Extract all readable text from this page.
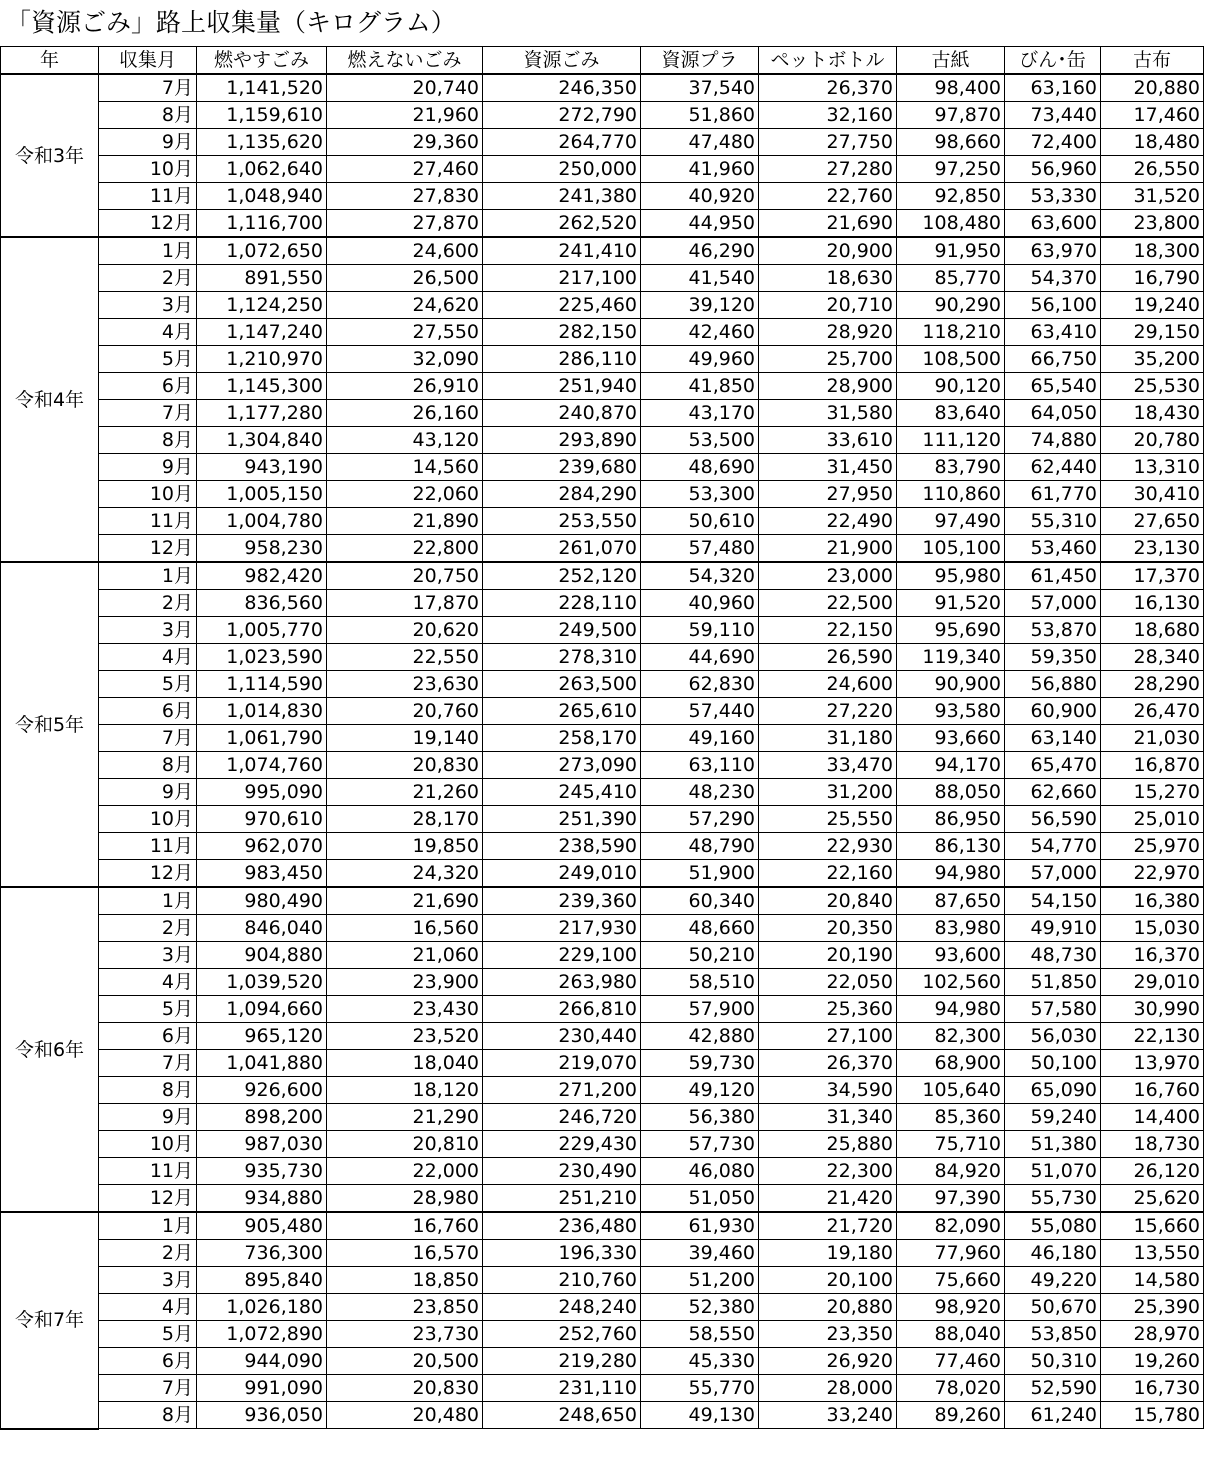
「資源ごみ」路上収集量（キログラム）
年	収集月	燃やすごみ	燃えないごみ	資源ごみ	資源プラ	ペットボトル	古紙	びん･缶	古布
令和3年	7月	1,141,520	20,740	246,350	37,540	26,370	98,400	63,160	20,880
	8月	1,159,610	21,960	272,790	51,860	32,160	97,870	73,440	17,460
	9月	1,135,620	29,360	264,770	47,480	27,750	98,660	72,400	18,480
	10月	1,062,640	27,460	250,000	41,960	27,280	97,250	56,960	26,550
	11月	1,048,940	27,830	241,380	40,920	22,760	92,850	53,330	31,520
	12月	1,116,700	27,870	262,520	44,950	21,690	108,480	63,600	23,800
令和4年	1月	1,072,650	24,600	241,410	46,290	20,900	91,950	63,970	18,300
	2月	891,550	26,500	217,100	41,540	18,630	85,770	54,370	16,790
	3月	1,124,250	24,620	225,460	39,120	20,710	90,290	56,100	19,240
	4月	1,147,240	27,550	282,150	42,460	28,920	118,210	63,410	29,150
	5月	1,210,970	32,090	286,110	49,960	25,700	108,500	66,750	35,200
	6月	1,145,300	26,910	251,940	41,850	28,900	90,120	65,540	25,530
	7月	1,177,280	26,160	240,870	43,170	31,580	83,640	64,050	18,430
	8月	1,304,840	43,120	293,890	53,500	33,610	111,120	74,880	20,780
	9月	943,190	14,560	239,680	48,690	31,450	83,790	62,440	13,310
	10月	1,005,150	22,060	284,290	53,300	27,950	110,860	61,770	30,410
	11月	1,004,780	21,890	253,550	50,610	22,490	97,490	55,310	27,650
	12月	958,230	22,800	261,070	57,480	21,900	105,100	53,460	23,130
令和5年	1月	982,420	20,750	252,120	54,320	23,000	95,980	61,450	17,370
	2月	836,560	17,870	228,110	40,960	22,500	91,520	57,000	16,130
	3月	1,005,770	20,620	249,500	59,110	22,150	95,690	53,870	18,680
	4月	1,023,590	22,550	278,310	44,690	26,590	119,340	59,350	28,340
	5月	1,114,590	23,630	263,500	62,830	24,600	90,900	56,880	28,290
	6月	1,014,830	20,760	265,610	57,440	27,220	93,580	60,900	26,470
	7月	1,061,790	19,140	258,170	49,160	31,180	93,660	63,140	21,030
	8月	1,074,760	20,830	273,090	63,110	33,470	94,170	65,470	16,870
	9月	995,090	21,260	245,410	48,230	31,200	88,050	62,660	15,270
	10月	970,610	28,170	251,390	57,290	25,550	86,950	56,590	25,010
	11月	962,070	19,850	238,590	48,790	22,930	86,130	54,770	25,970
	12月	983,450	24,320	249,010	51,900	22,160	94,980	57,000	22,970
令和6年	1月	980,490	21,690	239,360	60,340	20,840	87,650	54,150	16,380
	2月	846,040	16,560	217,930	48,660	20,350	83,980	49,910	15,030
	3月	904,880	21,060	229,100	50,210	20,190	93,600	48,730	16,370
	4月	1,039,520	23,900	263,980	58,510	22,050	102,560	51,850	29,010
	5月	1,094,660	23,430	266,810	57,900	25,360	94,980	57,580	30,990
	6月	965,120	23,520	230,440	42,880	27,100	82,300	56,030	22,130
	7月	1,041,880	18,040	219,070	59,730	26,370	68,900	50,100	13,970
	8月	926,600	18,120	271,200	49,120	34,590	105,640	65,090	16,760
	9月	898,200	21,290	246,720	56,380	31,340	85,360	59,240	14,400
	10月	987,030	20,810	229,430	57,730	25,880	75,710	51,380	18,730
	11月	935,730	22,000	230,490	46,080	22,300	84,920	51,070	26,120
	12月	934,880	28,980	251,210	51,050	21,420	97,390	55,730	25,620
令和7年	1月	905,480	16,760	236,480	61,930	21,720	82,090	55,080	15,660
	2月	736,300	16,570	196,330	39,460	19,180	77,960	46,180	13,550
	3月	895,840	18,850	210,760	51,200	20,100	75,660	49,220	14,580
	4月	1,026,180	23,850	248,240	52,380	20,880	98,920	50,670	25,390
	5月	1,072,890	23,730	252,760	58,550	23,350	88,040	53,850	28,970
	6月	944,090	20,500	219,280	45,330	26,920	77,460	50,310	19,260
	7月	991,090	20,830	231,110	55,770	28,000	78,020	52,590	16,730
	8月	936,050	20,480	248,650	49,130	33,240	89,260	61,240	15,780
